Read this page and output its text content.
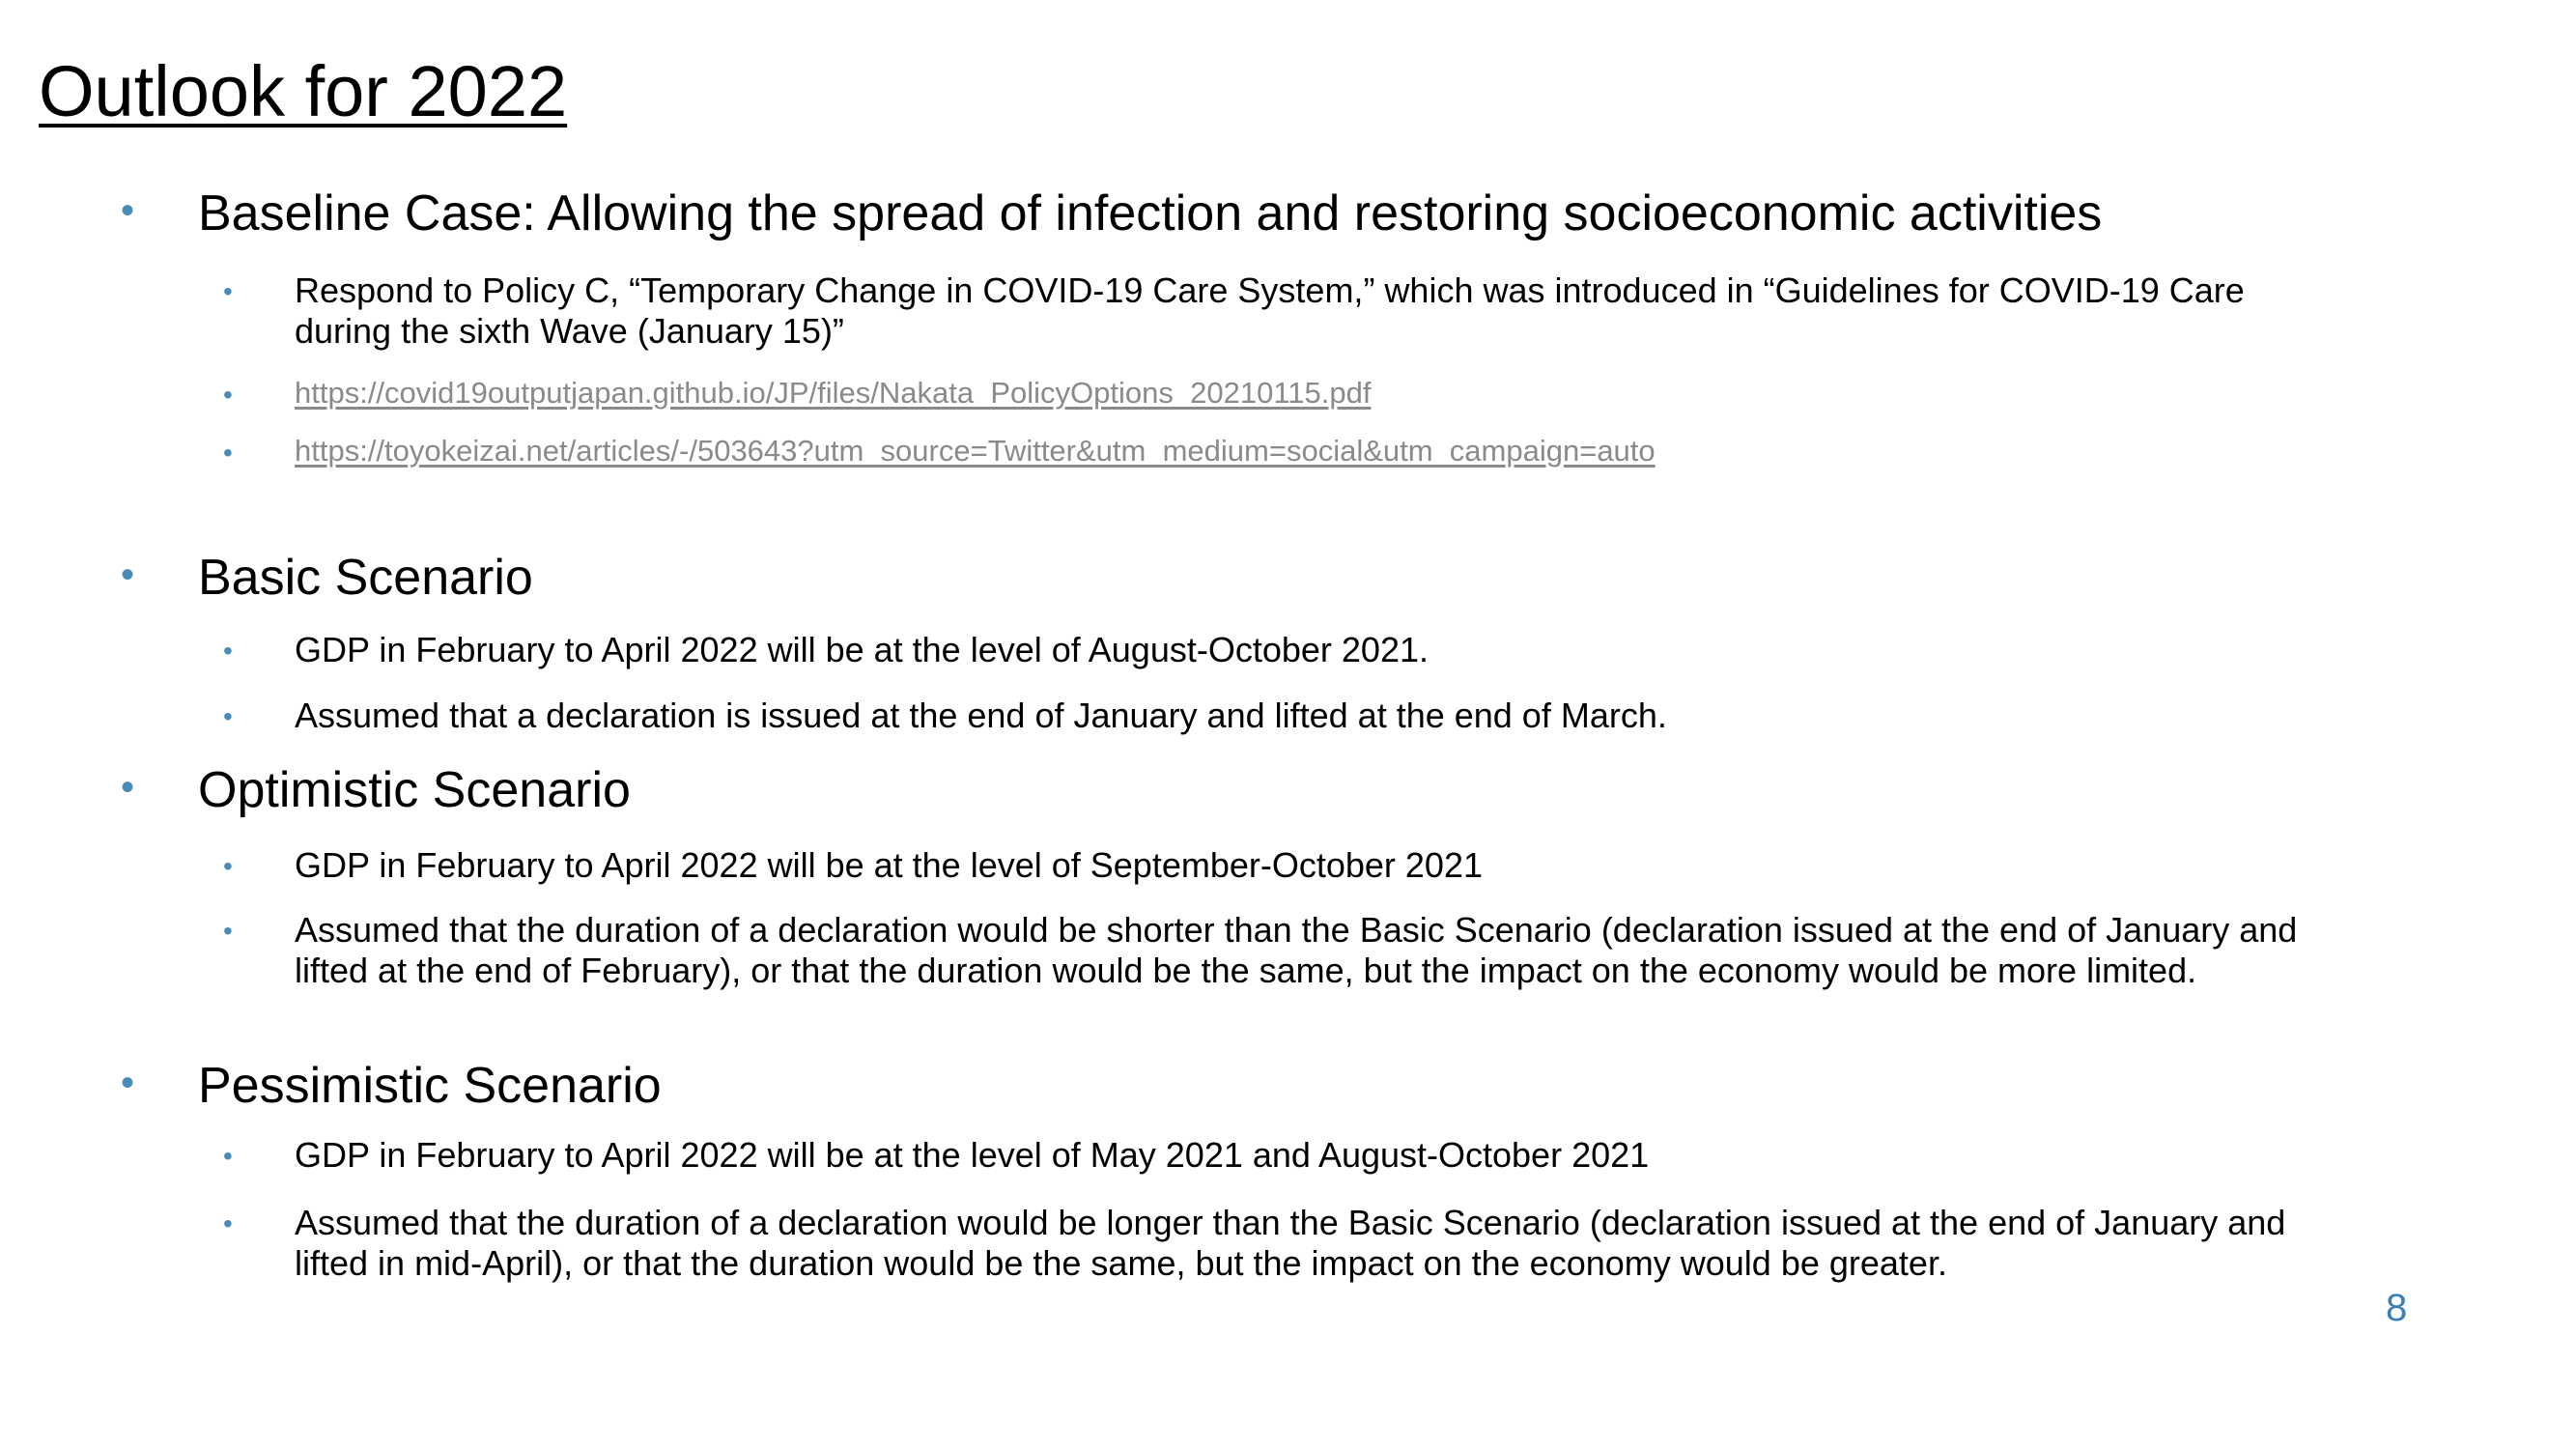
Outlook for 2022
• Baseline Case: Allowing the spread of infection and restoring socioeconomic activities
• Respond to Policy C, “Temporary Change in COVID-19 Care System,” which was introduced in “Guidelines for COVID-19 Care during the sixth Wave (January 15)”
• https://covid19outputjapan.github.io/JP/files/Nakata_PolicyOptions_20210115.pdf
• https://toyokeizai.net/articles/-/503643?utm_source=Twitter&utm_medium=social&utm_campaign=auto
• Basic Scenario
• GDP in February to April 2022 will be at the level of August-October 2021.
• Assumed that a declaration is issued at the end of January and lifted at the end of March.
• Optimistic Scenario
• GDP in February to April 2022 will be at the level of September-October 2021
• Assumed that the duration of a declaration would be shorter than the Basic Scenario (declaration issued at the end of January and lifted at the end of February), or that the duration would be the same, but the impact on the economy would be more limited.
• Pessimistic Scenario
• GDP in February to April 2022 will be at the level of May 2021 and August-October 2021
• Assumed that the duration of a declaration would be longer than the Basic Scenario (declaration issued at the end of January and lifted in mid-April), or that the duration would be the same, but the impact on the economy would be greater.
8
